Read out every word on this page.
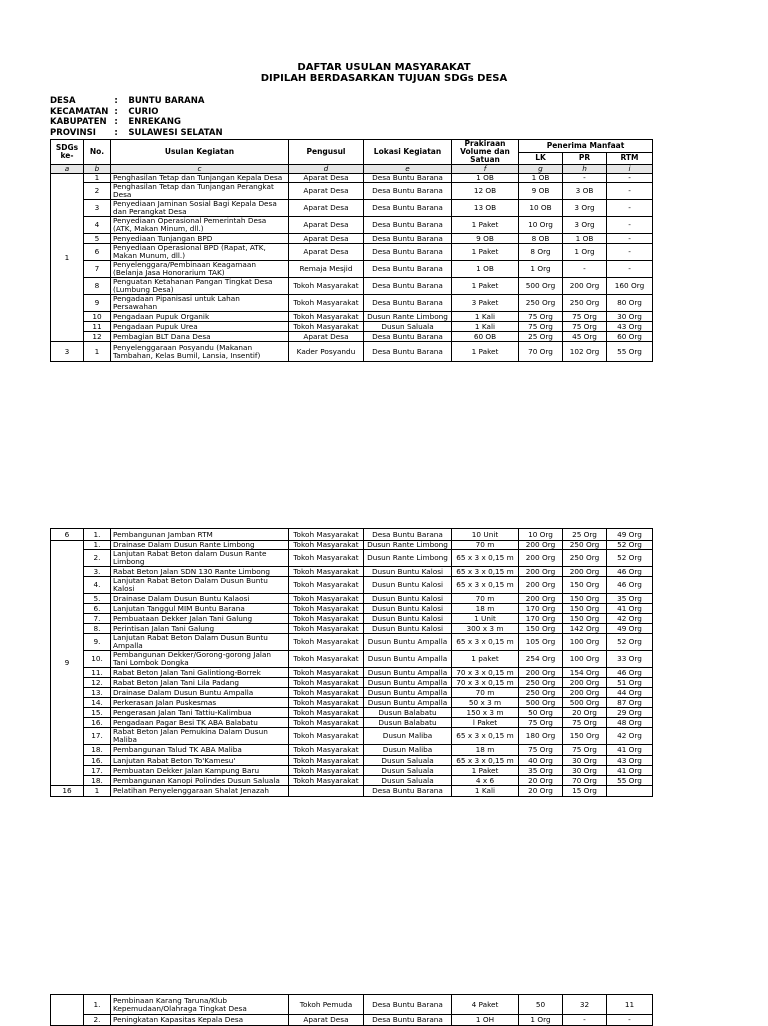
DAFTAR USULAN MASYARAKAT
DIPILAH BERDASARKAN TUJUAN SDGs DESA
DESA	:	BUNTU BARANA
KECAMATAN	:	CURIO
KABUPATEN	:	ENREKANG
PROVINSI	:	SULAWESI SELATAN
SDGs ke-	No.	Usulan Kegiatan	Pengusul	Lokasi Kegiatan	Prakiraan Volume dan Satuan	Penerima Manfaat		
						LK	PR	RTM
a	b	c	d	e	f	g	h	i
1	1	Penghasilan Tetap dan Tunjangan Kepala Desa	Aparat Desa	Desa Buntu Barana	1 OB	1 OB	-	-
	2	Penghasilan Tetap dan Tunjangan Perangkat Desa	Aparat Desa	Desa Buntu Barana	12 OB	9 OB	3 OB	-
	3	Penyediaan Jaminan Sosial Bagi Kepala Desa dan Perangkat Desa	Aparat Desa	Desa Buntu Barana	13 OB	10 OB	3 Org	-
	4	Penyediaan Operasional Pemerintah Desa (ATK, Makan Minum, dll.)	Aparat Desa	Desa Buntu Barana	1 Paket	10 Org	3 Org	-
	5	Penyediaan Tunjangan BPD	Aparat Desa	Desa Buntu Barana	9 OB	8 OB	1 OB	-
	6	Penyediaan Operasional BPD (Rapat, ATK, Makan Munum, dll.)	Aparat Desa	Desa Buntu Barana	1 Paket	8 Org	1 Org	-
	7	Penyelenggara/Pembinaan Keagamaan (Belanja Jasa Honorarium TAK)	Remaja Mesjid	Desa Buntu Barana	1 OB	1 Org	-	-
	8	Penguatan Ketahanan Pangan Tingkat Desa (Lumbung Desa)	Tokoh Masyarakat	Desa Buntu Barana	1 Paket	500 Org	200 Org	160 Org
	9	Pengadaan Pipanisasi untuk Lahan Persawahan	Tokoh Masyarakat	Desa Buntu Barana	3 Paket	250 Org	250 Org	80 Org
	10	Pengadaan Pupuk Organik	Tokoh Masyarakat	Dusun Rante Limbong	1 Kali	75 Org	75 Org	30 Org
	11	Pengadaan Pupuk Urea	Tokoh Masyarakat	Dusun Saluala	1 Kali	75 Org	75 Org	43 Org
	12	Pembagian BLT Dana Desa	Aparat Desa	Desa Buntu Barana	60 OB	25 Org	45 Org	60 Org
3	1	Penyelenggaraan Posyandu (Makanan Tambahan, Kelas Bumil, Lansia, Insentif)	Kader Posyandu	Desa Buntu Barana	1 Paket	70 Org	102 Org	55 Org
6	1.	Pembangunan Jamban RTM	Tokoh Masyarakat	Desa Buntu Barana	10 Unit	10 Org	25 Org	49 Org
9	1.	Drainase Dalam Dusun Rante Limbong	Tokoh Masyarakat	Dusun Rante Limbong	70 m	200 Org	250 Org	52 Org
	2.	Lanjutan Rabat Beton dalam Dusun Rante Limbong	Tokoh Masyarakat	Dusun Rante Limbong	65 x 3 x 0,15 m	200 Org	250 Org	52 Org
	3.	Rabat Beton Jalan SDN 130 Rante Limbong	Tokoh Masyarakat	Dusun Buntu Kalosi	65 x 3 x 0,15 m	200 Org	200 Org	46 Org
	4.	Lanjutan Rabat Beton Dalam Dusun Buntu Kalosi	Tokoh Masyarakat	Dusun Buntu Kalosi	65 x 3 x 0,15 m	200 Org	150 Org	46 Org
	5.	Drainase Dalam Dusun Buntu Kalaosi	Tokoh Masyarakat	Dusun Buntu Kalosi	70 m	200 Org	150 Org	35 Org
	6.	Lanjutan Tanggul MIM Buntu Barana	Tokoh Masyarakat	Dusun Buntu Kalosi	18 m	170 Org	150 Org	41 Org
	7.	Pembuataan Dekker Jalan Tani Galung	Tokoh Masyarakat	Dusun Buntu Kalosi	1 Unit	170 Org	150 Org	42 Org
	8.	Perintisan Jalan Tani Galung	Tokoh Masyarakat	Dusun Buntu Kalosi	300 x 3 m	150 Org	142 Org	49 Org
	9.	Lanjutan Rabat Beton Dalam Dusun Buntu Ampalla	Tokoh Masyarakat	Dusun Buntu Ampalla	65 x 3 x 0,15 m	105 Org	100 Org	52 Org
	10.	Pembangunan Dekker/Gorong-gorong Jalan Tani Lombok Dongka	Tokoh Masyarakat	Dusun Buntu Ampalla	1 paket	254 Org	100 Org	33 Org
	11.	Rabat Beton Jalan Tani Galintiong-Borrek	Tokoh Masyarakat	Dusun Buntu Ampalla	70 x 3 x 0,15 m	200 Org	154 Org	46 Org
	12.	Rabat Beton Jalan Tani Lila Padang	Tokoh Masyarakat	Dusun Buntu Ampalla	70 x 3 x 0,15 m	250 Org	200 Org	51 Org
	13.	Drainase Dalam Dusun Buntu Ampalla	Tokoh Masyarakat	Dusun Buntu Ampalla	70 m	250 Org	200 Org	44 Org
	14.	Perkerasan Jalan Puskesmas	Tokoh Masyarakat	Dusun Buntu Ampalla	50 x 3 m	500 Org	500 Org	87 Org
	15.	Pengerasan Jalan Tani Tattiu-Kalimbua	Tokoh Masyarakat	Dusun Balabatu	150 x 3 m	50 Org	20 Org	29 Org
	16.	Pengadaan Pagar Besi TK ABA Balabatu	Tokoh Masyarakat	Dusun Balabatu	l Paket	75 Org	75 Org	48 Org
	17.	Rabat Beton Jalan Pemukina Dalam Dusun Maliba	Tokoh Masyarakat	Dusun Maliba	65 x 3 x 0,15 m	180 Org	150 Org	42 Org
	18.	Pembangunan Talud TK ABA Maliba	Tokoh Masyarakat	Dusun Maliba	18 m	75 Org	75 Org	41 Org
	16.	Lanjutan Rabat Beton To'Kamesu'	Tokoh Masyarakat	Dusun Saluala	65 x 3 x 0,15 m	40 Org	30 Org	43 Org
	17.	Pembuatan Dekker Jalan Kampung Baru	Tokoh Masyarakat	Dusun Saluala	1 Paket	35 Org	30 Org	41 Org
	18.	Pembangunan Kanopi Polindes Dusun Saluala	Tokoh Masyarakat	Dusun Saluala	4 x 6	20 Org	70 Org	55 Org
16	1	Pelatihan Penyelenggaraan Shalat Jenazah		Desa Buntu Barana	1 Kali	20 Org	15 Org	
	1.	Pembinaan Karang Taruna/Klub Kepemudaan/Olahraga Tingkat Desa	Tokoh Pemuda	Desa Buntu Barana	4 Paket	50	32	11
	2.	Peningkatan Kapasitas Kepala Desa	Aparat Desa	Desa Buntu Barana	1 OH	1 Org	-	-
